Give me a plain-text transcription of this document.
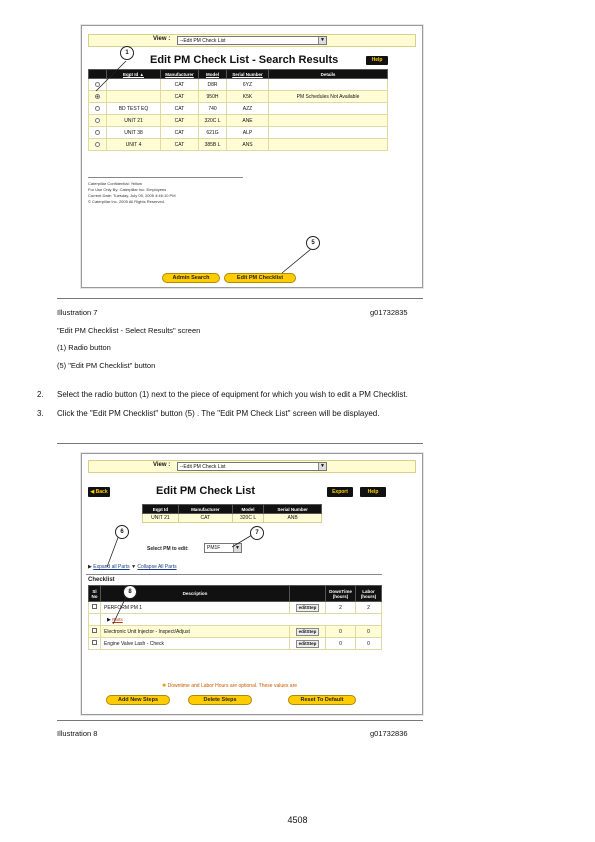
View :	--Edit PM Check List	▼
Edit PM Check List - Search Results	Help
	Eqpt Id ▲	Manufacturer	Model	Serial Number	Details
		CAT	D8R	6YZ	
		CAT	950H	K5K	PM Schedules Not Available
	BD TEST EQ	CAT	740	AZZ	
	UNIT 21	CAT	320C L	ANE	
	UNIT 38	CAT	621G	ALP	
	UNIT 4	CAT	385B L	ANS	
Caterpillar Confidential: Yellow
For Use Only By: Caterpillar Inc. Employees
Current Date: Tuesday, July 05, 2005 4:46:10 PM
© Caterpillar Inc. 2005 All Rights Reserved.
Admin Search	Edit PM Checklist
1
5
Illustration 7	g01732835
"Edit PM Checklist - Select Results" screen
(1) Radio button
(5) "Edit PM Checklist" button
2. Select the radio button (1) next to the piece of equipment for which you wish to edit a PM Checklist.
3. Click the "Edit PM Checklist" button (5) . The "Edit PM Check List" screen will be displayed.
View :	--Edit PM Check List	▼
◀ Back	Edit PM Check List	Export	Help
Eqpt Id	Manufacturer	Model	Serial Number
UNIT 21	CAT	320C L	ANB
Select PM to edit:	PM1F	▼
▶ Expand all Parts ▼ Collapse All Parts
Checklist
Sl No	Description		DownTime (hours)	Labor (hours)
	PERFORM PM 1	editStep	2	2
	▶ Parts			
	Electronic Unit Injector - Inspect/Adjust	editStep	0	0
	Engine Valve Lash - Check	editStep	0	0
✱ Downtime and Labor Hours are optional. These values are
Add New Steps	Delete Steps	Reset To Default
6	7
8
Illustration 8	g01732836
4508
